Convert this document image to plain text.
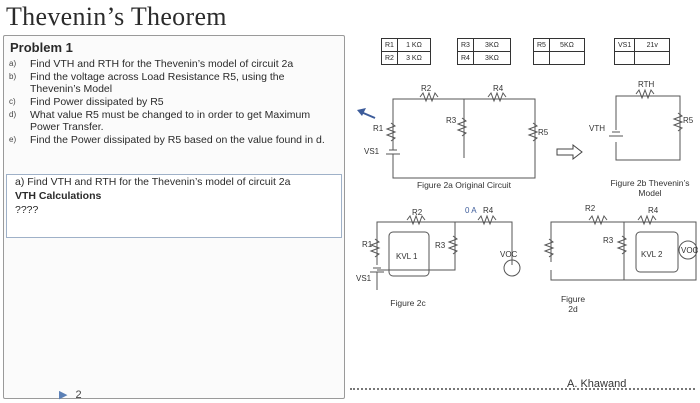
Thevenin’s Theorem
Problem 1
a) Find VTH and RTH for the Thevenin’s model of circuit 2a
b) Find the voltage across Load Resistance R5, using the Thevenin’s Model
c) Find Power dissipated by R5
d) What value R5 must be changed to in order to get Maximum Power Transfer.
e) Find the Power dissipated by R5 based on the value found in d.
a) Find VTH and RTH for the Thevenin’s model of circuit 2a
VTH Calculations
????
▶ 2
R1	1 KΩ
R2	3 KΩ
R3	3KΩ
R4	3KΩ
R5	5KΩ
		VS1	21v

R2	R4
R3
R1	R5
VS1
VTH
RTH
R5
Figure 2a Original Circuit	Figure 2b Thevenin’s Model
R2	0 A R4
R1	R3
KVL 1	VOC
VS1
Figure 2c
R2	R4
R3
KVL 2 VOC
Figure 2d
A. Khawand
